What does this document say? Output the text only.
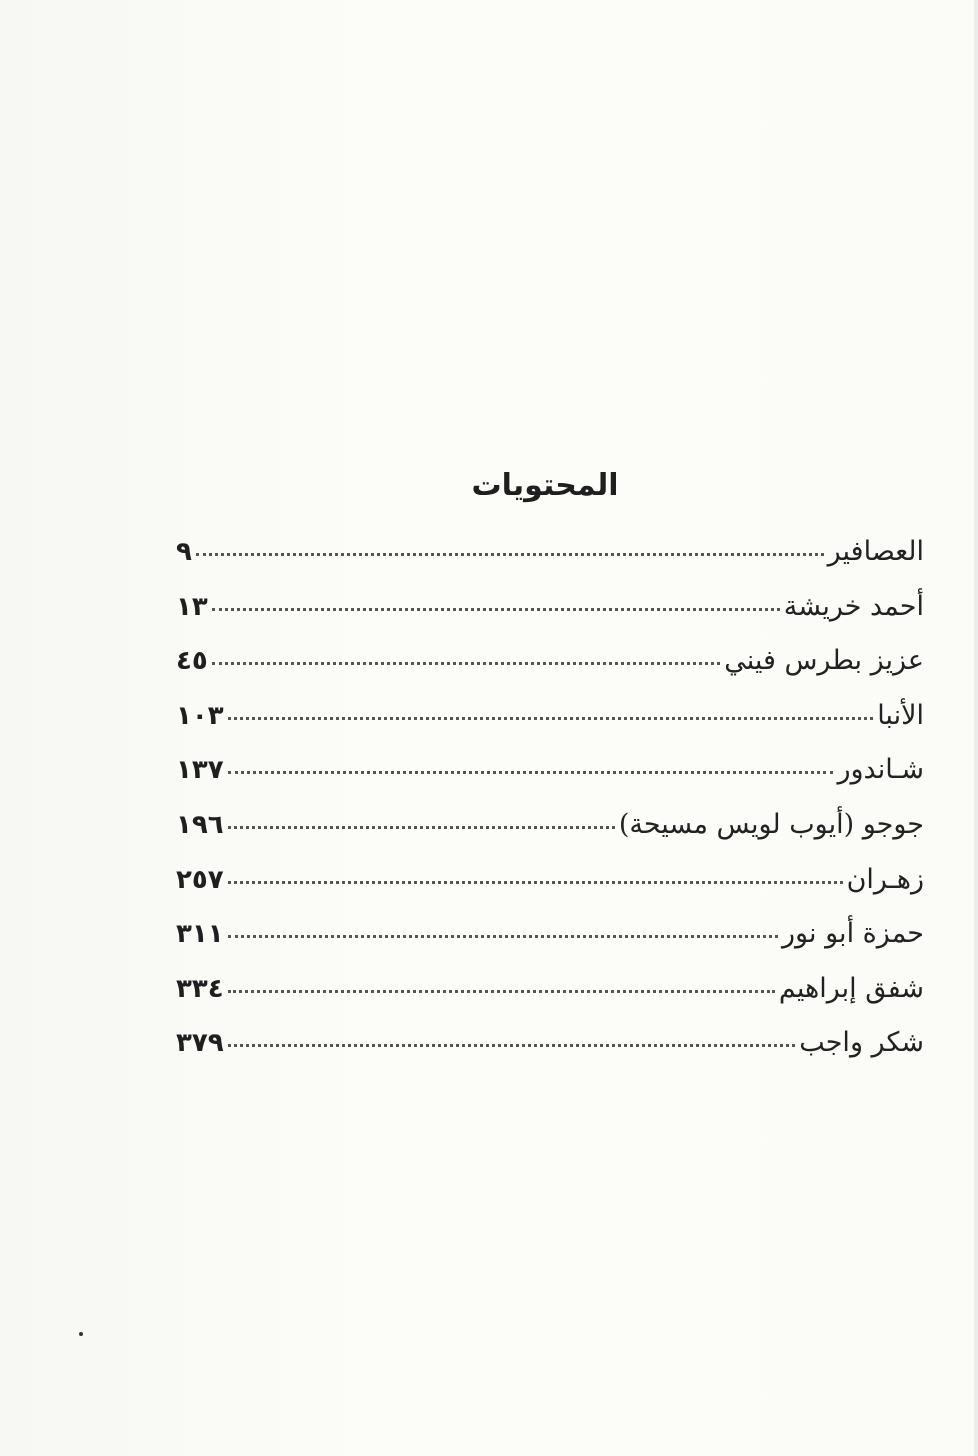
المحتويات
العصافير
٩
أحمد خريشة
١٣
عزيز بطرس فيني
٤٥
الأنبا
١٠٣
شـاندور
١٣٧
جوجو (أيوب لويس مسيحة)
١٩٦
زهـران
٢٥٧
حمزة أبو نور
٣١١
شفق إبراهيم
٣٣٤
شكر واجب
٣٧٩
